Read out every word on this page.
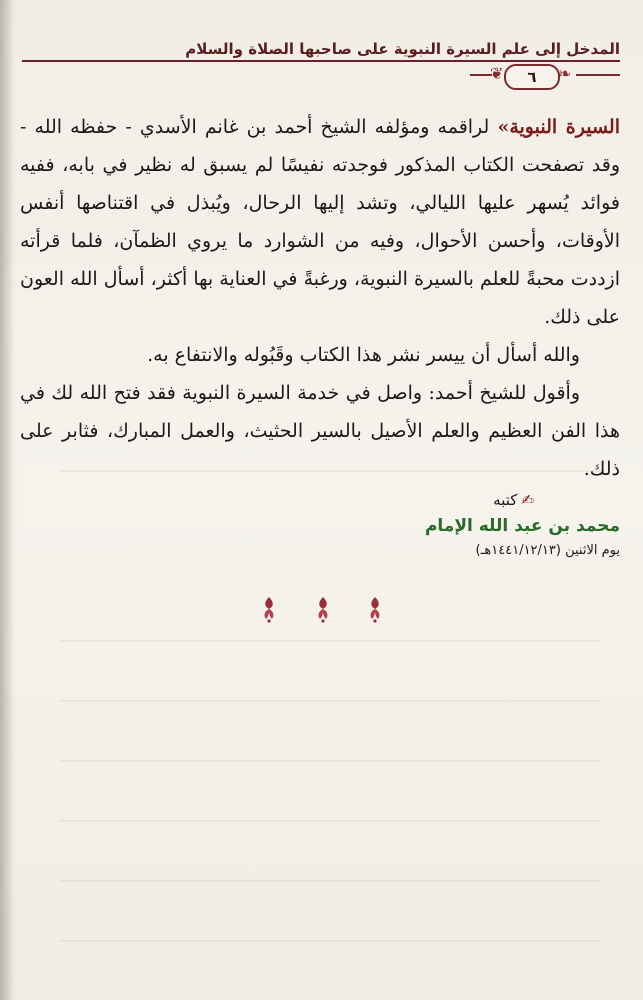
المدخل إلى علم السيرة النبوية على صاحبها الصلاة والسلام
❦	٦	❧

السيرة النبوية» لراقمه ومؤلفه الشيخ أحمد بن غانم الأسدي - حفظه الله - وقد تصفحت الكتاب المذكور فوجدته نفيسًا لم يسبق له نظير في بابه، ففيه فوائد يُسهر عليها الليالي، وتشد إليها الرحال، ويُبذل في اقتناصها أنفس الأوقات، وأحسن الأحوال، وفيه من الشوارد ما يروي الظمآن، فلما قرأته ازددت محبةً للعلم بالسيرة النبوية، ورغبةً في العناية بها أكثر، أسأل الله العون على ذلك.

والله أسأل أن ييسر نشر هذا الكتاب وقَبُوله والانتفاع به.

وأقول للشيخ أحمد: واصل في خدمة السيرة النبوية فقد فتح الله لك في هذا الفن العظيم والعلم الأصيل بالسير الحثيث، والعمل المبارك، فثابر على ذلك.

✍كتبه
محمد بن عبد الله الإمام
يوم الاثنين (١٤٤١/١٢/١٣هـ)
